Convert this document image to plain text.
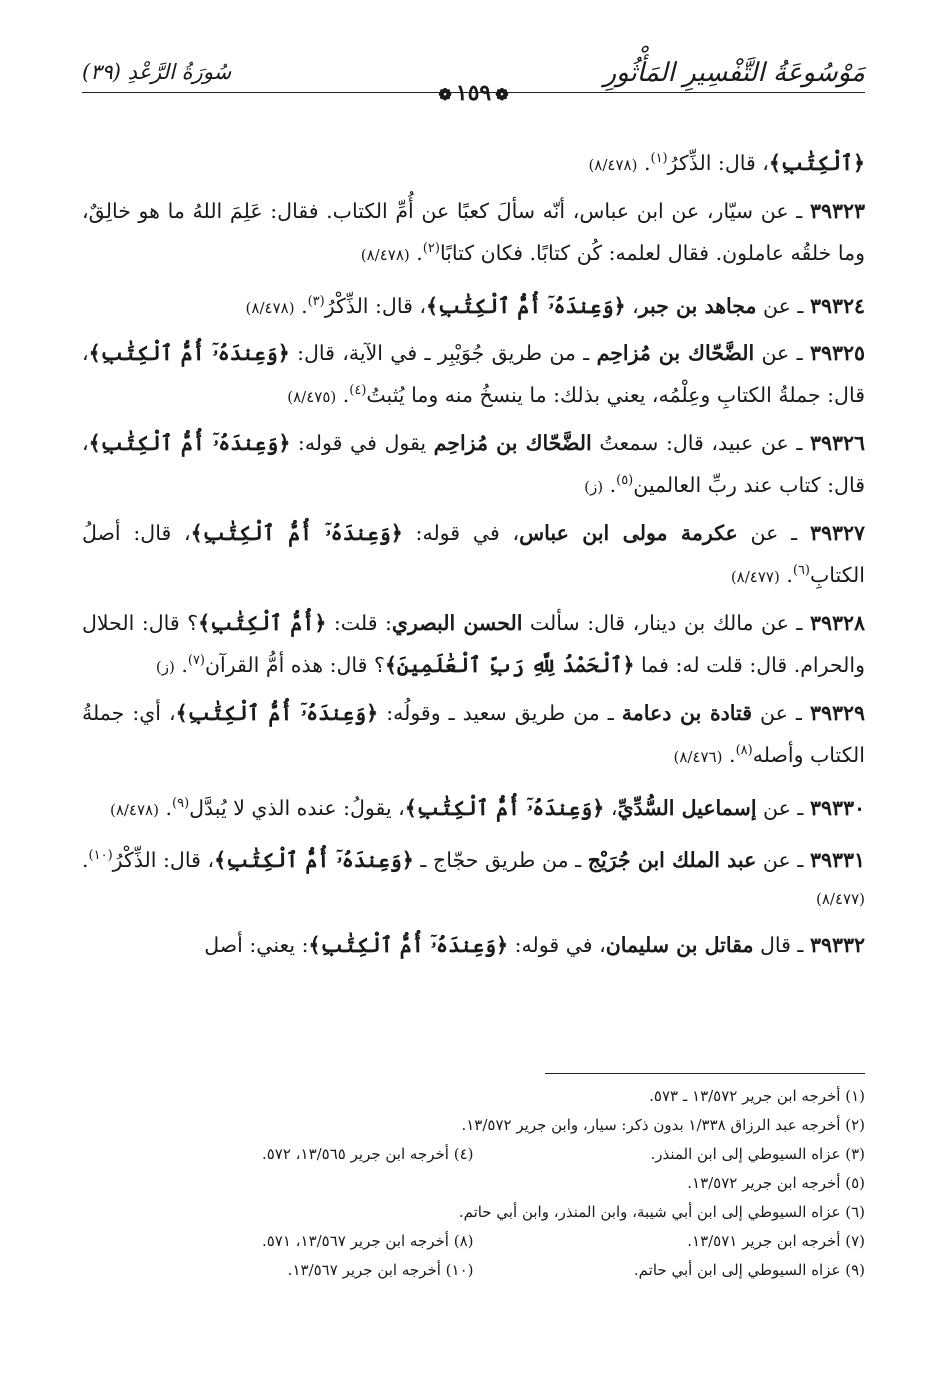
مَوْسُوعَةُ التَّفْسِيرِ المَأْثُورِ
سُورَةُ الرَّعْدِ (٣٩)
❁١٥٩❁

﴿ٱلْكِتَٰبِ﴾، قال: الذِّكرُ$^{(١)}$. (٨/٤٧٨)

٣٩٣٢٣ ـ عن سيّار، عن ابن عباس، أنّه سألَ كعبًا عن أُمِّ الكتاب. فقال: عَلِمَ اللهُ ما هو خالِقٌ، وما خلقُه عاملون. فقال لعلمه: كُن كتابًا. فكان كتابًا$^{(٢)}$. (٨/٤٧٨)

٣٩٣٢٤ ـ عن مجاهد بن جبر، ﴿وَعِندَهُۥٓ أُمُّ ٱلْكِتَٰبِ﴾، قال: الذِّكْرُ$^{(٣)}$. (٨/٤٧٨)

٣٩٣٢٥ ـ عن الضَّحّاك بن مُزاحِم ـ من طريق جُوَيْبِر ـ في الآية، قال: ﴿وَعِندَهُۥٓ أُمُّ ٱلْكِتَٰبِ﴾، قال: جملةُ الكتابِ وعِلْمُه، يعني بذلك: ما ينسخُ منه وما يُثبتُ$^{(٤)}$. (٨/٤٧٥)

٣٩٣٢٦ ـ عن عبيد، قال: سمعتُ الضَّحّاك بن مُزاحِم يقول في قوله: ﴿وَعِندَهُۥٓ أُمُّ ٱلْكِتَٰبِ﴾، قال: كتاب عند ربِّ العالمين$^{(٥)}$. (ز)

٣٩٣٢٧ ـ عن عكرمة مولى ابن عباس، في قوله: ﴿وَعِندَهُۥٓ أُمُّ ٱلْكِتَٰبِ﴾، قال: أصلُ الكتابِ$^{(٦)}$. (٨/٤٧٧)

٣٩٣٢٨ ـ عن مالك بن دينار، قال: سألت الحسن البصري: قلت: ﴿أُمُّ ٱلْكِتَٰبِ﴾؟ قال: الحلال والحرام. قال: قلت له: فما ﴿ٱلْحَمْدُ لِلَّهِ رَبِّ ٱلْعَٰلَمِينَ﴾؟ قال: هذه أمُّ القرآن$^{(٧)}$. (ز)

٣٩٣٢٩ ـ عن قتادة بن دعامة ـ من طريق سعيد ـ وقولُه: ﴿وَعِندَهُۥٓ أُمُّ ٱلْكِتَٰبِ﴾، أي: جملةُ الكتاب وأصله$^{(٨)}$. (٨/٤٧٦)

٣٩٣٣٠ ـ عن إسماعيل السُّدِّيِّ، ﴿وَعِندَهُۥٓ أُمُّ ٱلْكِتَٰبِ﴾، يقولُ: عنده الذي لا يُبدَّل$^{(٩)}$. (٨/٤٧٨)

٣٩٣٣١ ـ عن عبد الملك ابن جُرَيْج ـ من طريق حجّاج ـ ﴿وَعِندَهُۥٓ أُمُّ ٱلْكِتَٰبِ﴾، قال: الذِّكْرُ$^{(١٠)}$. (٨/٤٧٧)

٣٩٣٣٢ ـ قال مقاتل بن سليمان، في قوله: ﴿وَعِندَهُۥٓ أُمُّ ٱلْكِتَٰبِ﴾: يعني: أصل

(١) أخرجه ابن جرير ١٣/٥٧٢ ـ ٥٧٣.
(٢) أخرجه عبد الرزاق ١/٣٣٨ بدون ذكر: سيار، وابن جرير ١٣/٥٧٢.
(٣) عزاه السيوطي إلى ابن المنذر.
(٤) أخرجه ابن جرير ١٣/٥٦٥، ٥٧٢.
(٥) أخرجه ابن جرير ١٣/٥٧٢.
(٦) عزاه السيوطي إلى ابن أبي شيبة، وابن المنذر، وابن أبي حاتم.
(٧) أخرجه ابن جرير ١٣/٥٧١.
(٨) أخرجه ابن جرير ١٣/٥٦٧، ٥٧١.
(٩) عزاه السيوطي إلى ابن أبي حاتم.
(١٠) أخرجه ابن جرير ١٣/٥٦٧.
